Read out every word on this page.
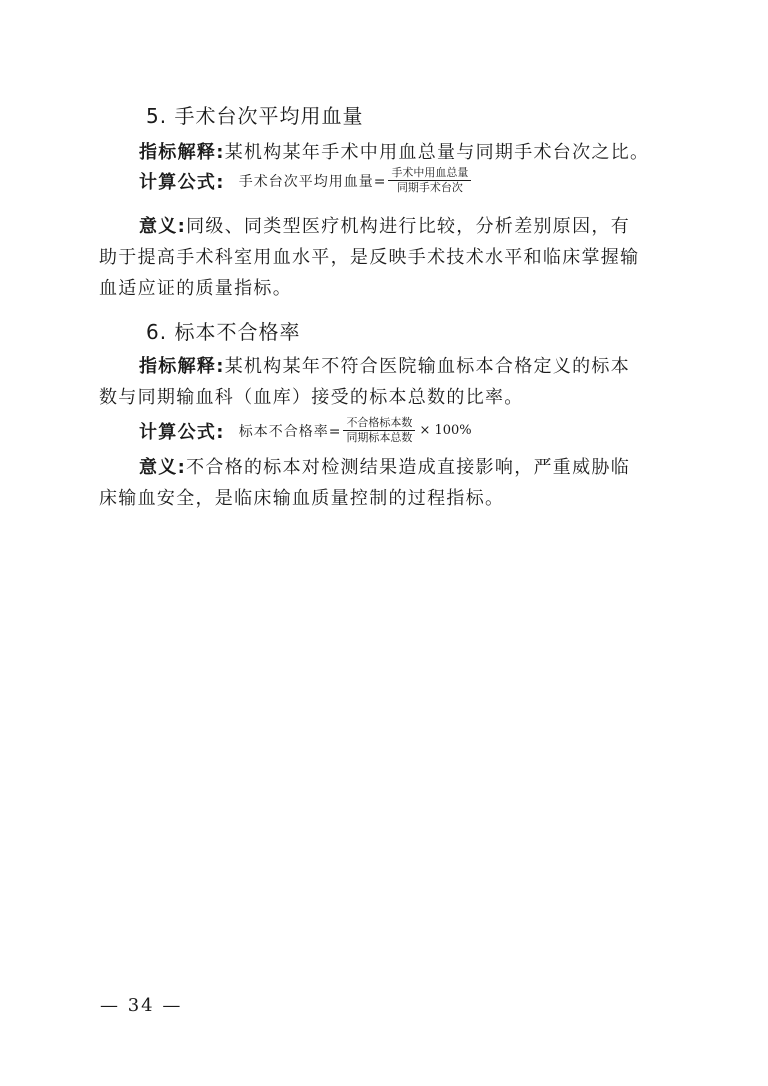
5. 手术台次平均用血量
指标解释:某机构某年手术中用血总量与同期手术台次之比。
计算公式: 手术台次平均用血量= $\frac{\text{手术中用血总量}}{\text{同期手术台次}}$
意义:同级、同类型医疗机构进行比较，分析差别原因，有
助于提高手术科室用血水平，是反映手术技术水平和临床掌握输
血适应证的质量指标。
6. 标本不合格率
指标解释:某机构某年不符合医院输血标本合格定义的标本
数与同期输血科（血库）接受的标本总数的比率。
计算公式: 标本不合格率= $\frac{\text{不合格标本数}}{\text{同期标本总数}} \times 100\%$
意义:不合格的标本对检测结果造成直接影响，严重威胁临
床输血安全，是临床输血质量控制的过程指标。
— 34 —
